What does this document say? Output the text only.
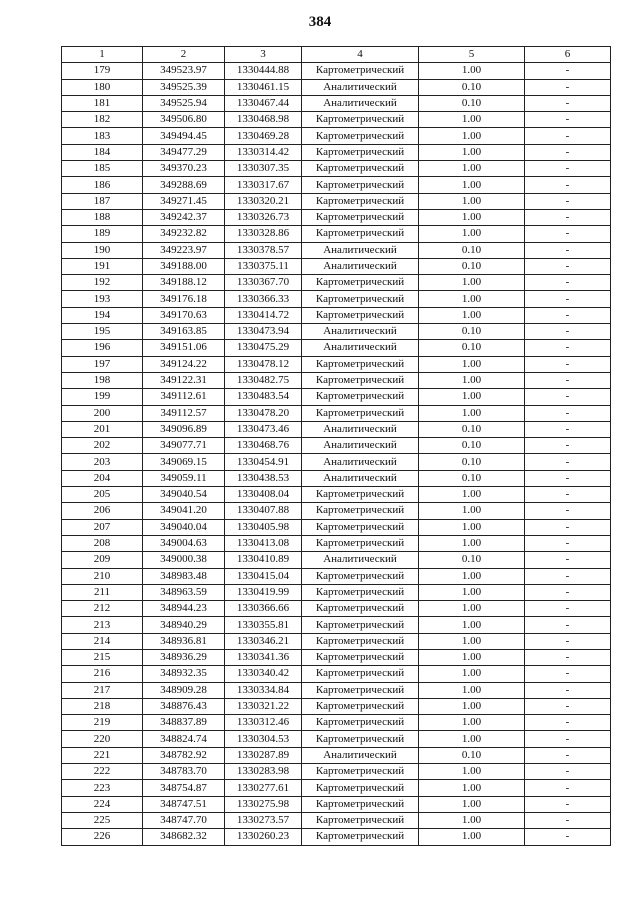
384
1	2	3	4	5	6
179	349523.97	1330444.88	Картометрический	1.00	-
180	349525.39	1330461.15	Аналитический	0.10	-
181	349525.94	1330467.44	Аналитический	0.10	-
182	349506.80	1330468.98	Картометрический	1.00	-
183	349494.45	1330469.28	Картометрический	1.00	-
184	349477.29	1330314.42	Картометрический	1.00	-
185	349370.23	1330307.35	Картометрический	1.00	-
186	349288.69	1330317.67	Картометрический	1.00	-
187	349271.45	1330320.21	Картометрический	1.00	-
188	349242.37	1330326.73	Картометрический	1.00	-
189	349232.82	1330328.86	Картометрический	1.00	-
190	349223.97	1330378.57	Аналитический	0.10	-
191	349188.00	1330375.11	Аналитический	0.10	-
192	349188.12	1330367.70	Картометрический	1.00	-
193	349176.18	1330366.33	Картометрический	1.00	-
194	349170.63	1330414.72	Картометрический	1.00	-
195	349163.85	1330473.94	Аналитический	0.10	-
196	349151.06	1330475.29	Аналитический	0.10	-
197	349124.22	1330478.12	Картометрический	1.00	-
198	349122.31	1330482.75	Картометрический	1.00	-
199	349112.61	1330483.54	Картометрический	1.00	-
200	349112.57	1330478.20	Картометрический	1.00	-
201	349096.89	1330473.46	Аналитический	0.10	-
202	349077.71	1330468.76	Аналитический	0.10	-
203	349069.15	1330454.91	Аналитический	0.10	-
204	349059.11	1330438.53	Аналитический	0.10	-
205	349040.54	1330408.04	Картометрический	1.00	-
206	349041.20	1330407.88	Картометрический	1.00	-
207	349040.04	1330405.98	Картометрический	1.00	-
208	349004.63	1330413.08	Картометрический	1.00	-
209	349000.38	1330410.89	Аналитический	0.10	-
210	348983.48	1330415.04	Картометрический	1.00	-
211	348963.59	1330419.99	Картометрический	1.00	-
212	348944.23	1330366.66	Картометрический	1.00	-
213	348940.29	1330355.81	Картометрический	1.00	-
214	348936.81	1330346.21	Картометрический	1.00	-
215	348936.29	1330341.36	Картометрический	1.00	-
216	348932.35	1330340.42	Картометрический	1.00	-
217	348909.28	1330334.84	Картометрический	1.00	-
218	348876.43	1330321.22	Картометрический	1.00	-
219	348837.89	1330312.46	Картометрический	1.00	-
220	348824.74	1330304.53	Картометрический	1.00	-
221	348782.92	1330287.89	Аналитический	0.10	-
222	348783.70	1330283.98	Картометрический	1.00	-
223	348754.87	1330277.61	Картометрический	1.00	-
224	348747.51	1330275.98	Картометрический	1.00	-
225	348747.70	1330273.57	Картометрический	1.00	-
226	348682.32	1330260.23	Картометрический	1.00	-
